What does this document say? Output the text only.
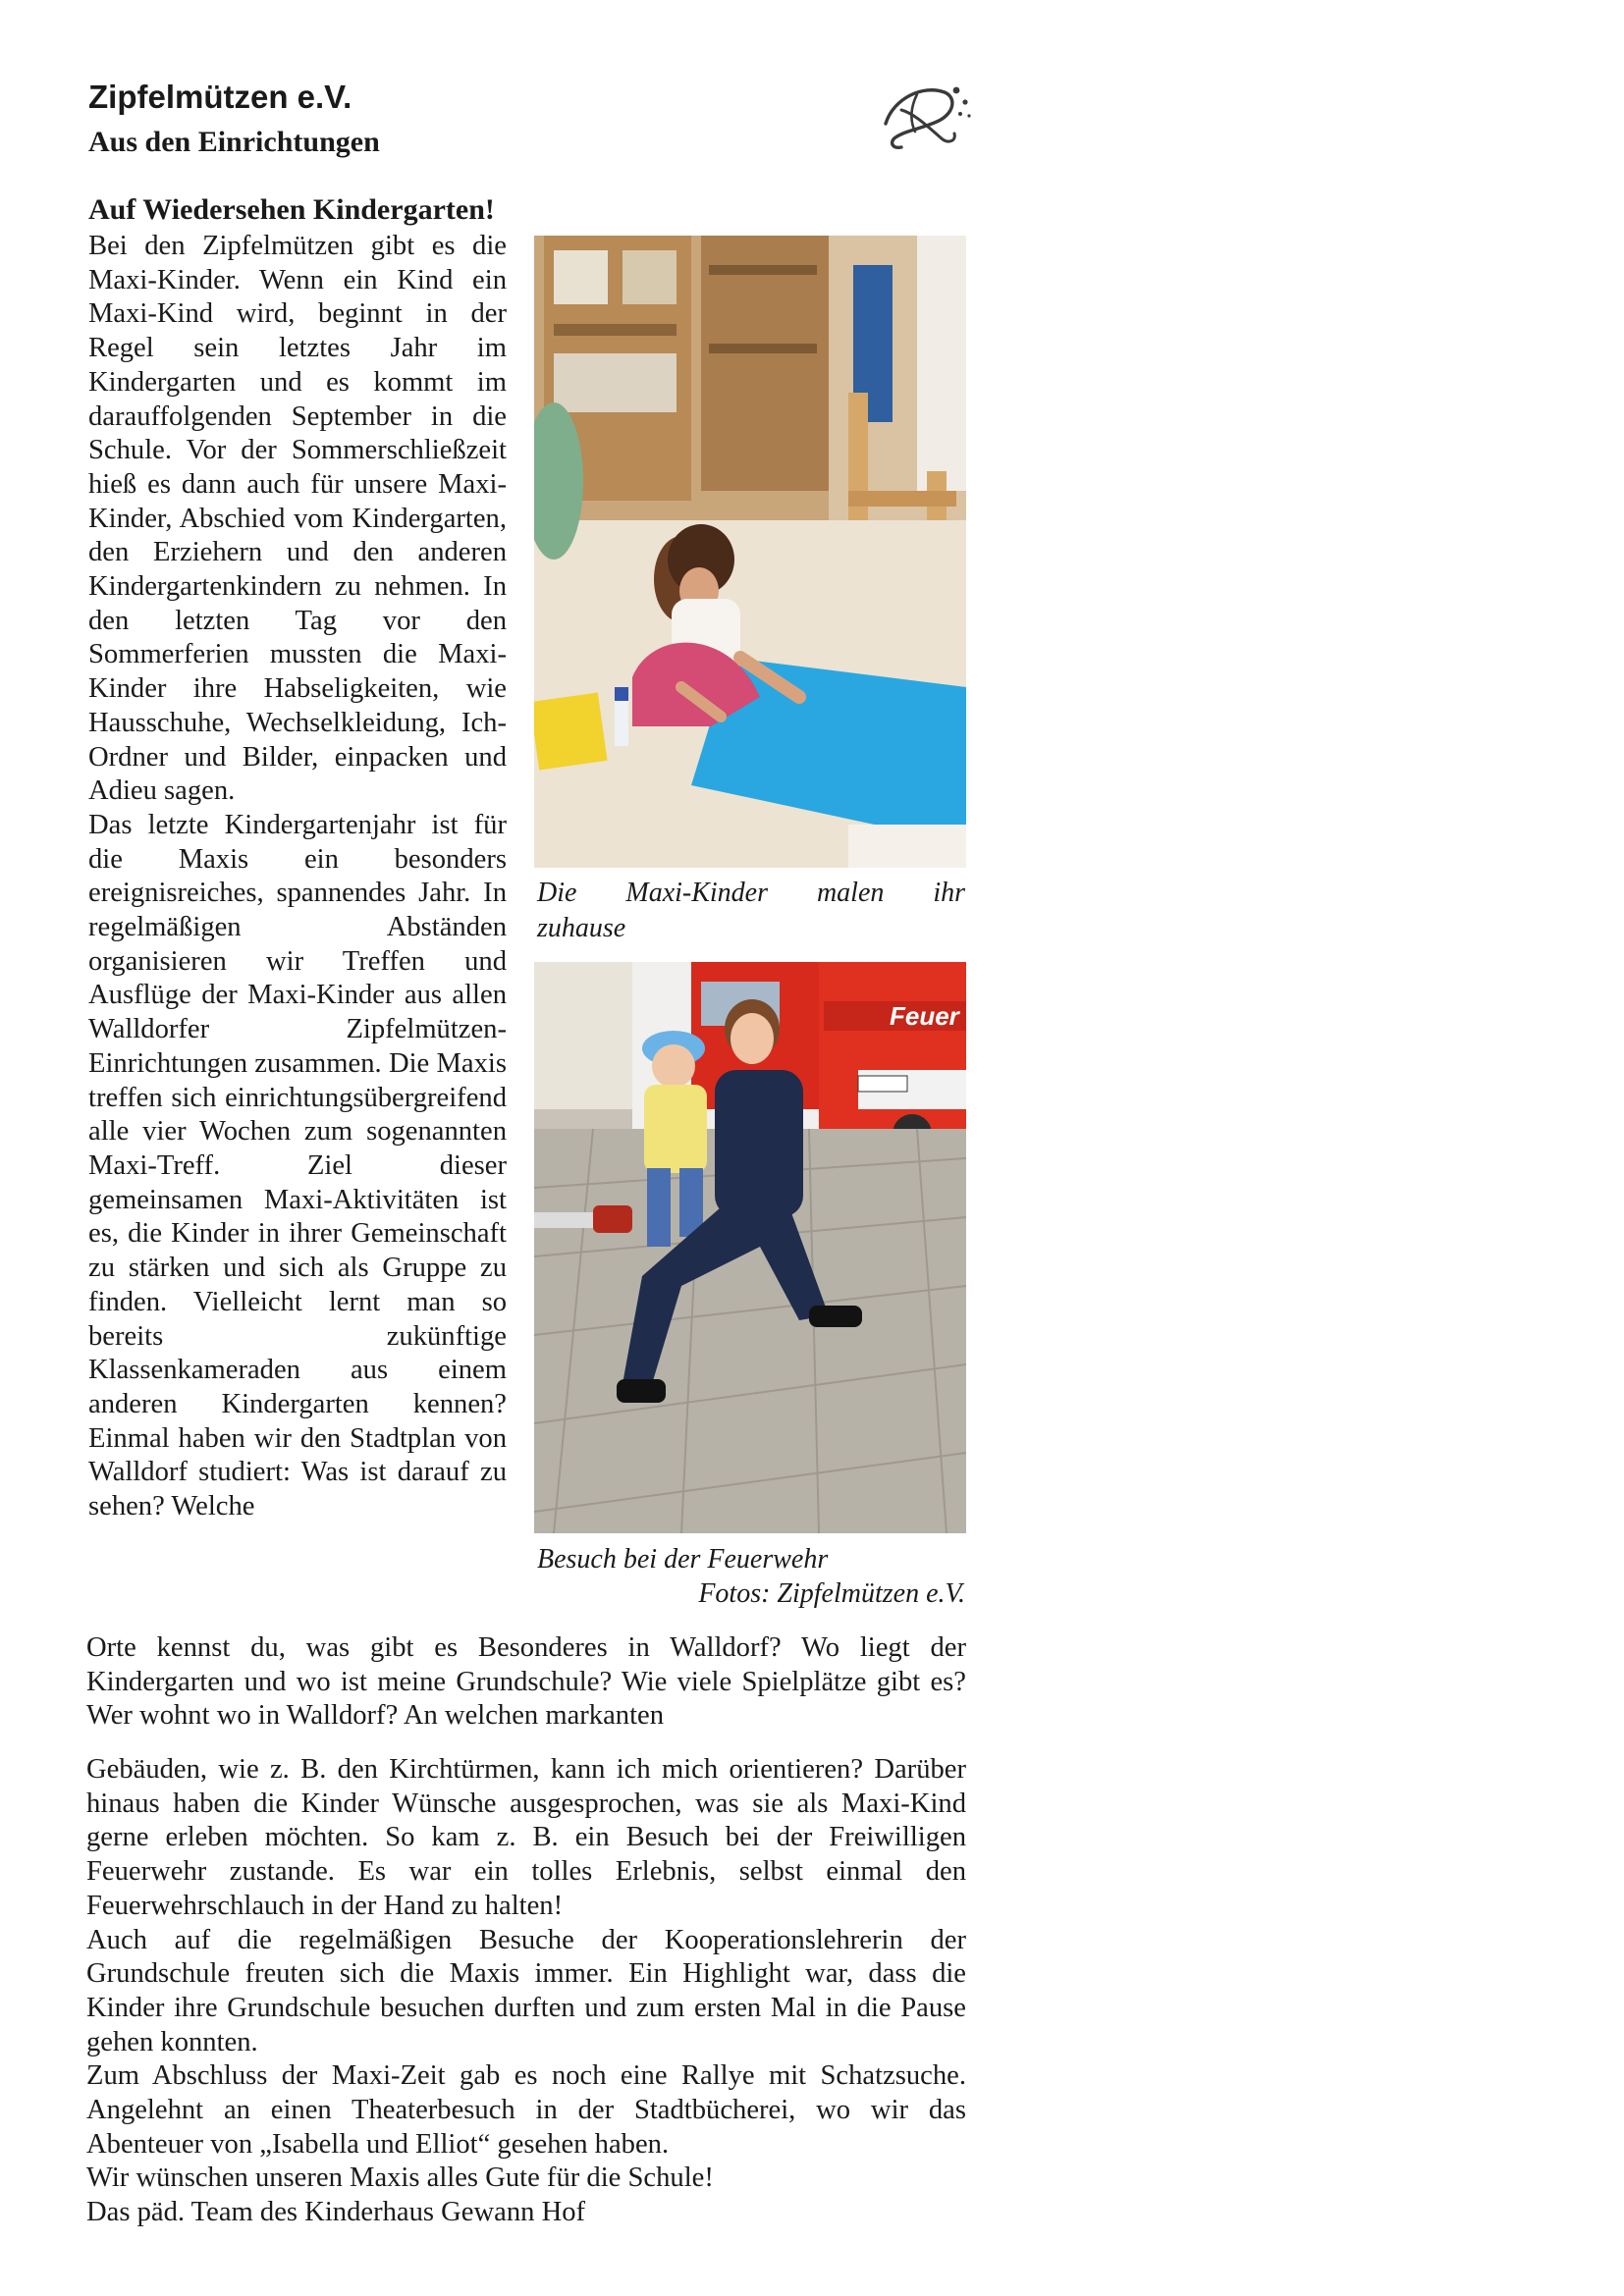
Zipfelmützen e.V.
Aus den Einrichtungen
Auf Wiedersehen Kindergarten!

Bei den Zipfelmützen gibt es die Maxi-Kinder. Wenn ein Kind ein Maxi-Kind wird, beginnt in der Regel sein letztes Jahr im Kindergarten und es kommt im darauffolgenden September in die Schule. Vor der Sommerschließzeit hieß es dann auch für unsere Maxi-Kinder, Abschied vom Kindergarten, den Erziehern und den anderen Kindergartenkindern zu nehmen. In den letzten Tag vor den Sommerferien mussten die Maxi-Kinder ihre Habseligkeiten, wie Hausschuhe, Wechselkleidung, Ich-Ordner und Bilder, einpacken und Adieu sagen.

Das letzte Kindergartenjahr ist für die Maxis ein besonders ereignisreiches, spannendes Jahr. In regelmäßigen Abständen organisieren wir Treffen und Ausflüge der Maxi-Kinder aus allen Walldorfer Zipfelmützen-Einrichtungen zusammen. Die Maxis treffen sich einrichtungsübergreifend alle vier Wochen zum sogenannten Maxi-Treff. Ziel dieser gemeinsamen Maxi-Aktivitäten ist es, die Kinder in ihrer Gemeinschaft zu stärken und sich als Gruppe zu finden. Vielleicht lernt man so bereits zukünftige Klassenkameraden aus einem anderen Kindergarten kennen? Einmal haben wir den Stadtplan von Walldorf studiert: Was ist darauf zu sehen? Welche

Die Maxi-Kinder malen ihr

zuhause

Feuer

Besuch bei der Feuerwehr

Fotos: Zipfelmützen e.V.

Orte kennst du, was gibt es Besonderes in Walldorf? Wo liegt der Kindergarten und wo ist meine Grundschule? Wie viele Spielplätze gibt es? Wer wohnt wo in Walldorf? An welchen markanten

Gebäuden, wie z. B. den Kirchtürmen, kann ich mich orientieren? Darüber hinaus haben die Kinder Wünsche ausgesprochen, was sie als Maxi-Kind gerne erleben möchten. So kam z. B. ein Besuch bei der Freiwilligen Feuerwehr zustande. Es war ein tolles Erlebnis, selbst einmal den Feuerwehrschlauch in der Hand zu halten!

Auch auf die regelmäßigen Besuche der Kooperationslehrerin der Grundschule freuten sich die Maxis immer. Ein Highlight war, dass die Kinder ihre Grundschule besuchen durften und zum ersten Mal in die Pause gehen konnten.

Zum Abschluss der Maxi-Zeit gab es noch eine Rallye mit Schatzsuche. Angelehnt an einen Theaterbesuch in der Stadtbücherei, wo wir das Abenteuer von „Isabella und Elliot“ gesehen haben.

Wir wünschen unseren Maxis alles Gute für die Schule!

Das päd. Team des Kinderhaus Gewann Hof
